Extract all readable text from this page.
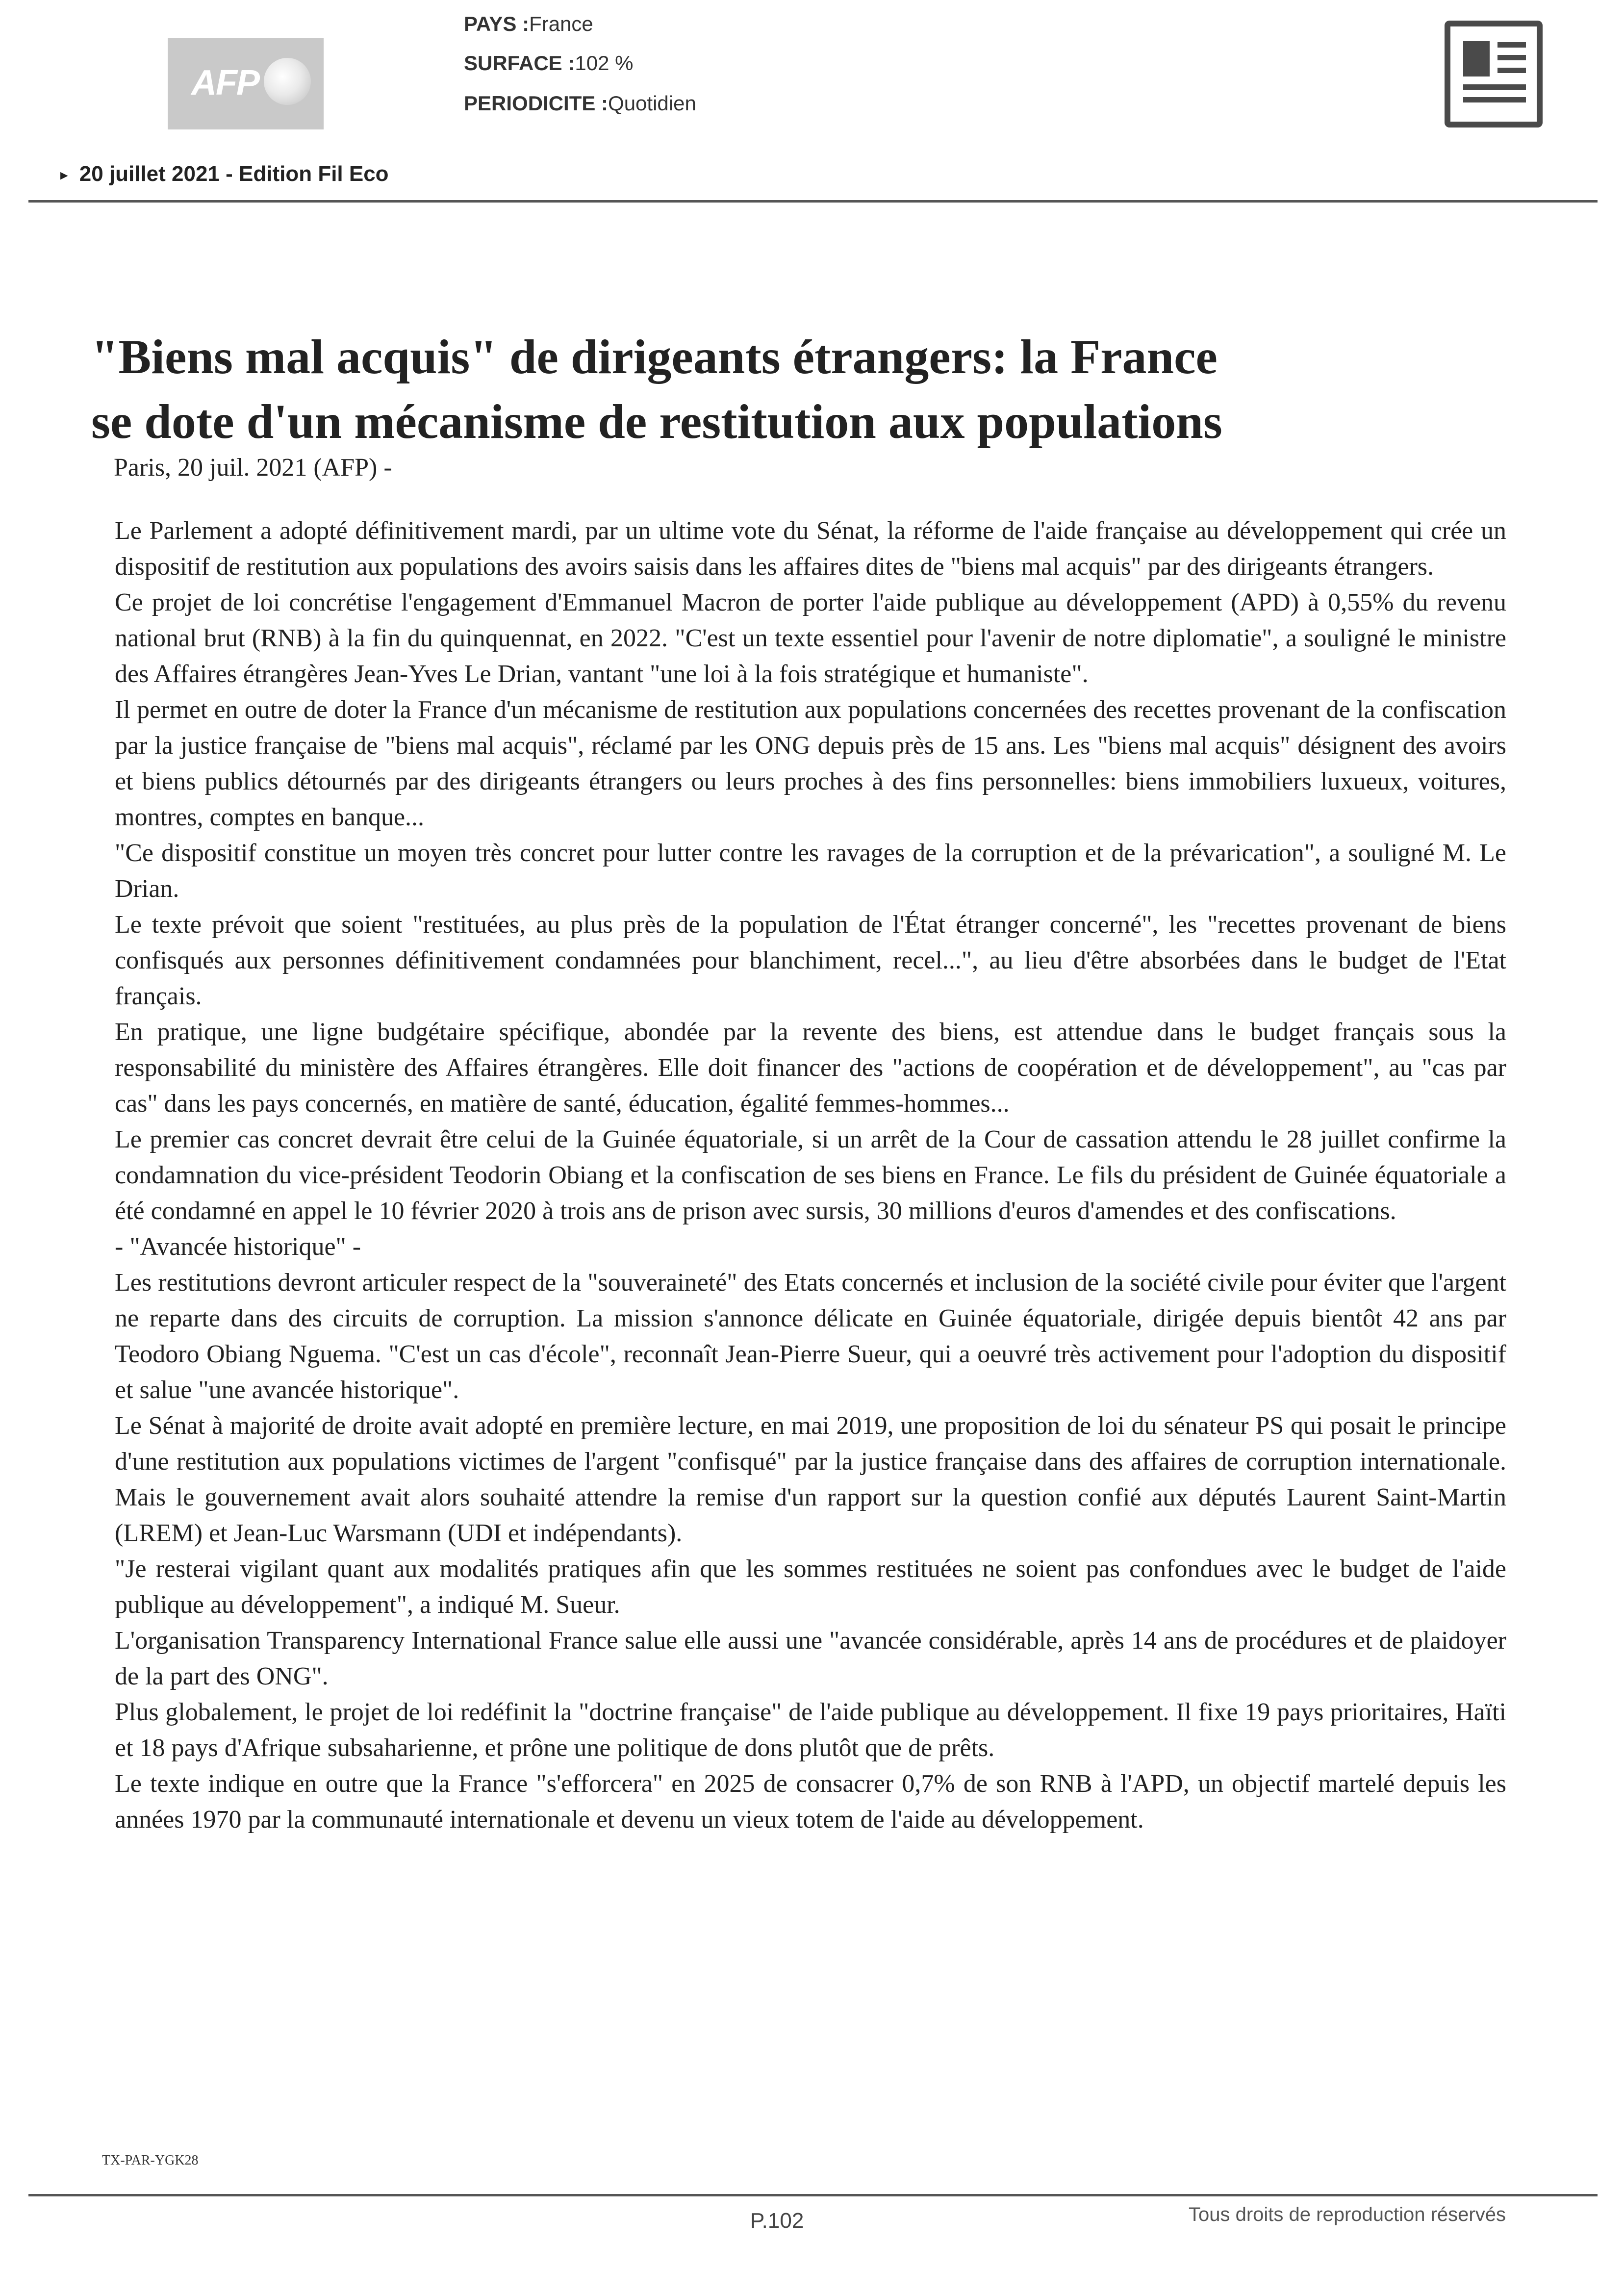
AFP
PAYS :France
SURFACE :102 %
PERIODICITE :Quotidien
► 20 juillet 2021 - Edition Fil Eco
"Biens mal acquis" de dirigeants étrangers: la France
se dote d'un mécanisme de restitution aux populations
Paris, 20 juil. 2021 (AFP) -

Le Parlement a adopté définitivement mardi, par un ultime vote du Sénat, la réforme de l'aide française au développement qui crée un dispositif de restitution aux populations des avoirs saisis dans les affaires dites de "biens mal acquis" par des dirigeants étrangers.

Ce projet de loi concrétise l'engagement d'Emmanuel Macron de porter l'aide publique au développement (APD) à 0,55% du revenu national brut (RNB) à la fin du quinquennat, en 2022. "C'est un texte essentiel pour l'avenir de notre diplomatie", a souligné le ministre des Affaires étrangères Jean-Yves Le Drian, vantant "une loi à la fois stratégique et humaniste".

Il permet en outre de doter la France d'un mécanisme de restitution aux populations concernées des recettes provenant de la confiscation par la justice française de "biens mal acquis", réclamé par les ONG depuis près de 15 ans. Les "biens mal acquis" désignent des avoirs et biens publics détournés par des dirigeants étrangers ou leurs proches à des fins personnelles: biens immobiliers luxueux, voitures, montres, comptes en banque...

"Ce dispositif constitue un moyen très concret pour lutter contre les ravages de la corruption et de la prévarication", a souligné M. Le Drian.

Le texte prévoit que soient "restituées, au plus près de la population de l'État étranger concerné", les "recettes provenant de biens confisqués aux personnes définitivement condamnées pour blanchiment, recel...", au lieu d'être absorbées dans le budget de l'Etat français.

En pratique, une ligne budgétaire spécifique, abondée par la revente des biens, est attendue dans le budget français sous la responsabilité du ministère des Affaires étrangères. Elle doit financer des "actions de coopération et de développement", au "cas par cas" dans les pays concernés, en matière de santé, éducation, égalité femmes-hommes...

Le premier cas concret devrait être celui de la Guinée équatoriale, si un arrêt de la Cour de cassation attendu le 28 juillet confirme la condamnation du vice-président Teodorin Obiang et la confiscation de ses biens en France. Le fils du président de Guinée équatoriale a été condamné en appel le 10 février 2020 à trois ans de prison avec sursis, 30 millions d'euros d'amendes et des confiscations.

- "Avancée historique" -

Les restitutions devront articuler respect de la "souveraineté" des Etats concernés et inclusion de la société civile pour éviter que l'argent ne reparte dans des circuits de corruption. La mission s'annonce délicate en Guinée équatoriale, dirigée depuis bientôt 42 ans par Teodoro Obiang Nguema. "C'est un cas d'école", reconnaît Jean-Pierre Sueur, qui a oeuvré très activement pour l'adoption du dispositif et salue "une avancée historique".

Le Sénat à majorité de droite avait adopté en première lecture, en mai 2019, une proposition de loi du sénateur PS qui posait le principe d'une restitution aux populations victimes de l'argent "confisqué" par la justice française dans des affaires de corruption internationale. Mais le gouvernement avait alors souhaité attendre la remise d'un rapport sur la question confié aux députés Laurent Saint-Martin (LREM) et Jean-Luc Warsmann (UDI et indépendants).

"Je resterai vigilant quant aux modalités pratiques afin que les sommes restituées ne soient pas confondues avec le budget de l'aide publique au développement", a indiqué M. Sueur.

L'organisation Transparency International France salue elle aussi une "avancée considérable, après 14 ans de procédures et de plaidoyer de la part des ONG".

Plus globalement, le projet de loi redéfinit la "doctrine française" de l'aide publique au développement. Il fixe 19 pays prioritaires, Haïti et 18 pays d'Afrique subsaharienne, et prône une politique de dons plutôt que de prêts.

Le texte indique en outre que la France "s'efforcera" en 2025 de consacrer 0,7% de son RNB à l'APD, un objectif martelé depuis les années 1970 par la communauté internationale et devenu un vieux totem de l'aide au développement.

TX-PAR-YGK28
P.102	Tous droits de reproduction réservés
